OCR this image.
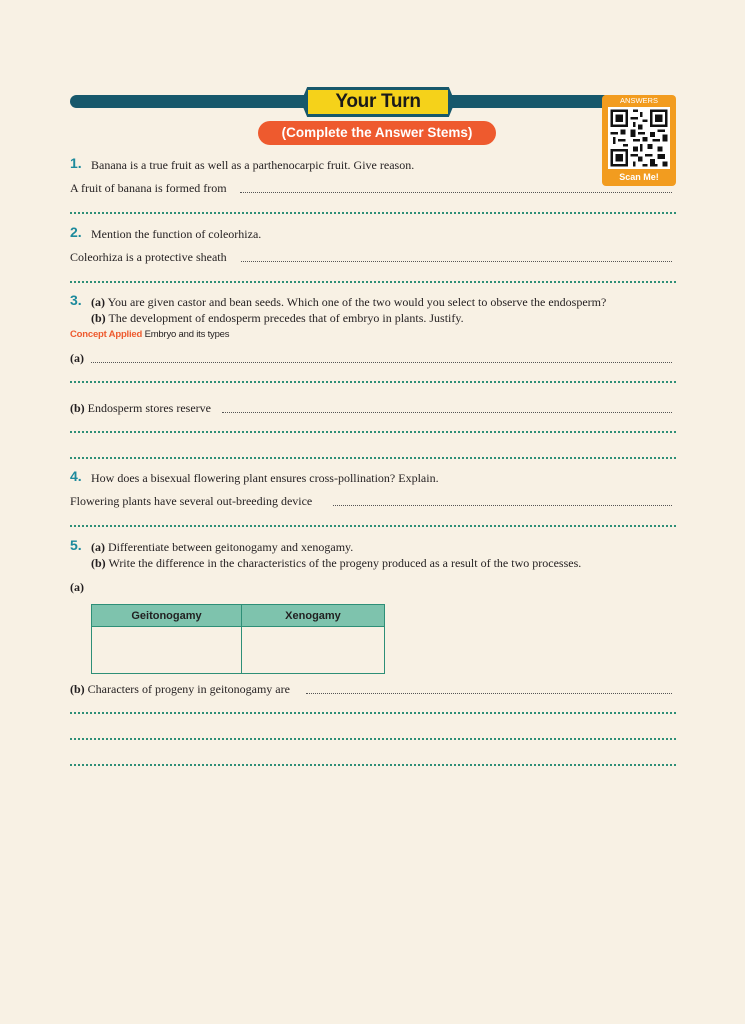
Your Turn
(Complete the Answer Stems)
ANSWERS
Scan Me!
1. Banana is a true fruit as well as a parthenocarpic fruit. Give reason.
A fruit of banana is formed from
2. Mention the function of coleorhiza.
Coleorhiza is a protective sheath
3. (a) You are given castor and bean seeds. Which one of the two would you select to observe the endosperm?
(b) The development of endosperm precedes that of embryo in plants. Justify.
Concept Applied Embryo and its types
(a)
(b) Endosperm stores reserve
4. How does a bisexual flowering plant ensures cross-pollination? Explain.
Flowering plants have several out-breeding device
5. (a) Differentiate between geitonogamy and xenogamy.
(b) Write the difference in the characteristics of the progeny produced as a result of the two processes.
(a)
Geitonogamy	Xenogamy

(b) Characters of progeny in geitonogamy are
